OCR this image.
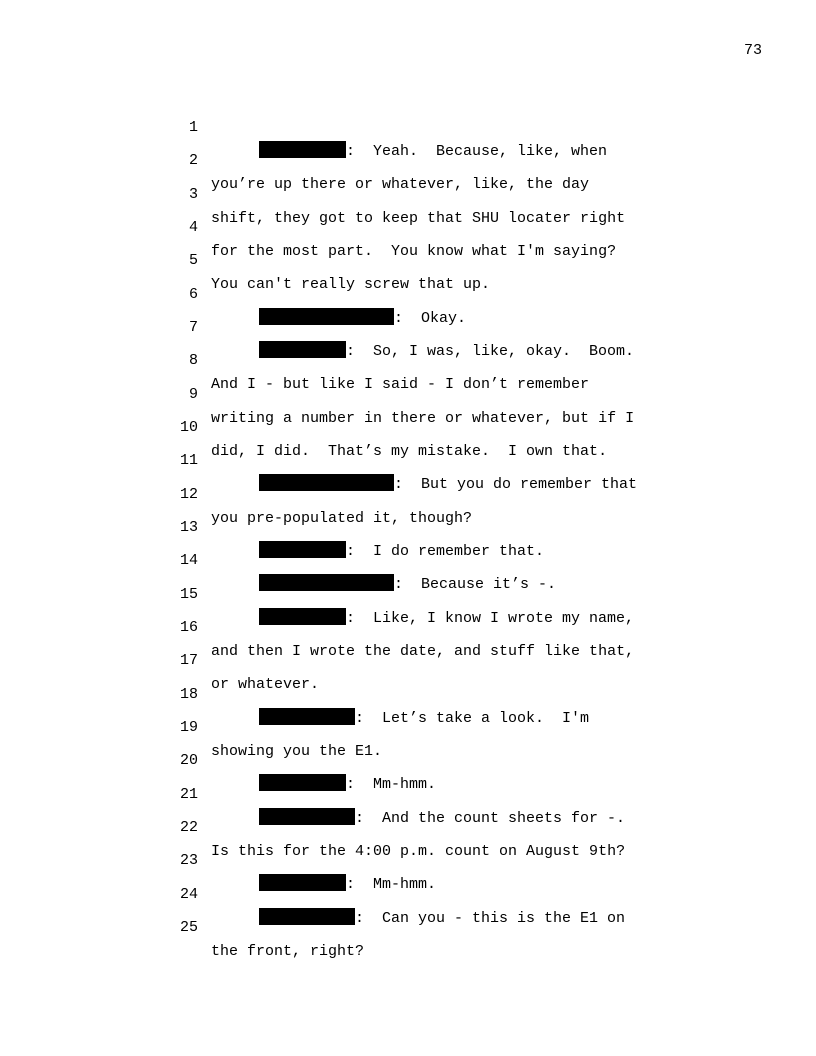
73

1

:  Yeah.  Because, like, when

2

you’re up there or whatever, like, the day

3

shift, they got to keep that SHU locater right

4

for the most part.  You know what I'm saying?

5

You can't really screw that up.

6

:  Okay.

7

:  So, I was, like, okay.  Boom.

8

And I - but like I said - I don’t remember

9

writing a number in there or whatever, but if I

10

did, I did.  That’s my mistake.  I own that.

11

:  But you do remember that

12

you pre-populated it, though?

13

:  I do remember that.

14

:  Because it’s -.

15

:  Like, I know I wrote my name,

16

and then I wrote the date, and stuff like that,

17

or whatever.

18

:  Let’s take a look.  I'm

19

showing you the E1.

20

:  Mm-hmm.

21

:  And the count sheets for -.

22

Is this for the 4:00 p.m. count on August 9th?

23

:  Mm-hmm.

24

:  Can you - this is the E1 on

25

the front, right?
